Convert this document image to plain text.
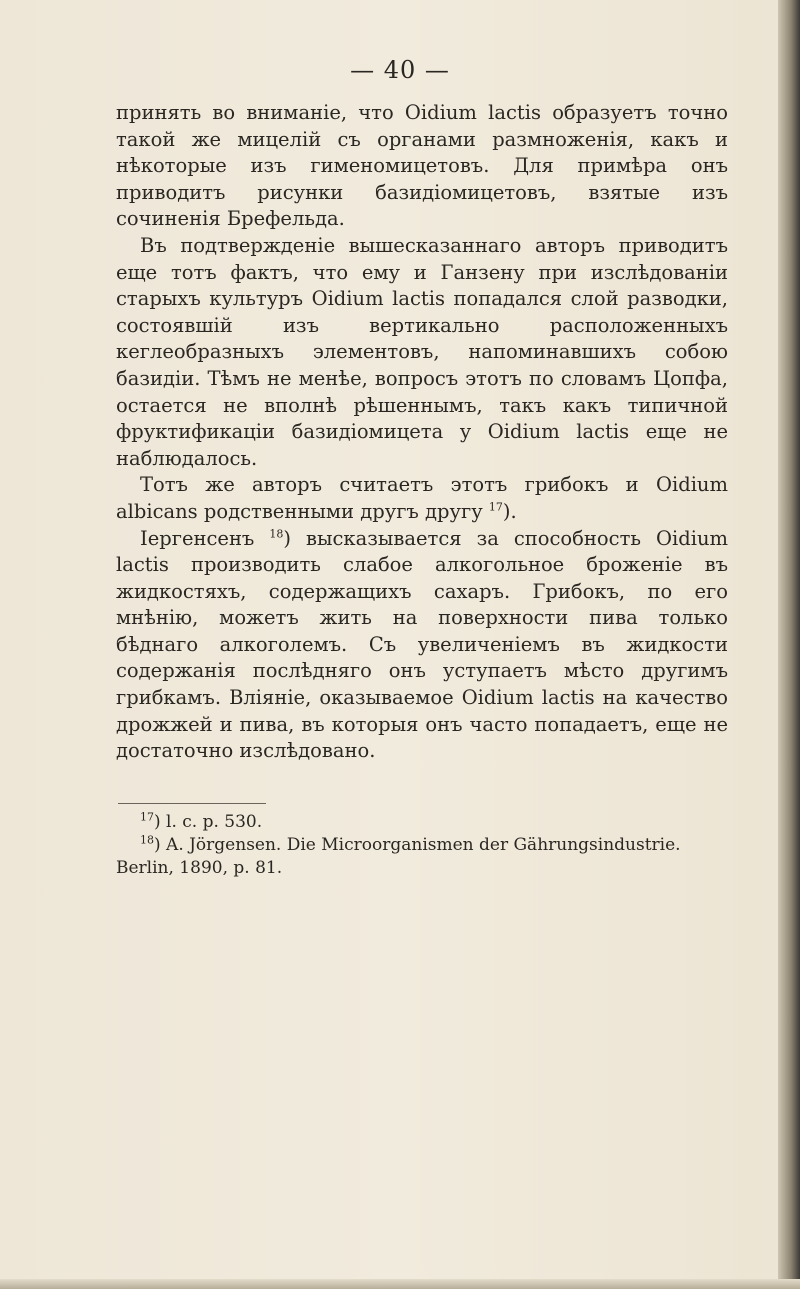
— 40 —

принять во вниманіе, что Oidium lactis образуетъ точно такой же мицелій съ органами размноженія, какъ и нѣкоторые изъ гименомицетовъ. Для примѣра онъ приводитъ рисунки базидіомицетовъ, взятые изъ сочиненія Брефельда.

Въ подтвержденіе вышесказаннаго авторъ приводитъ еще тотъ фактъ, что ему и Ганзену при изслѣдованіи старыхъ культуръ Oidium lactis попадался слой разводки, состоявшій изъ вертикально расположенныхъ кеглеобразныхъ элементовъ, напоминавшихъ собою базидіи. Тѣмъ не менѣе, вопросъ этотъ по словамъ Цопфа, остается не вполнѣ рѣшеннымъ, такъ какъ типичной фруктификаціи базидіомицета у Oidium lactis еще не наблюдалось.

Тотъ же авторъ считаетъ этотъ грибокъ и Oidium albicans родственными другъ другу $^{17}$).

Іергенсенъ $^{18}$) высказывается за способность Oidium lactis производить слабое алкогольное броженіе въ жидкостяхъ, содержащихъ сахаръ. Грибокъ, по его мнѣнію, можетъ жить на поверхности пива только бѣднаго алкоголемъ. Съ увеличеніемъ въ жидкости содержанія послѣдняго онъ уступаетъ мѣсто другимъ грибкамъ. Вліяніе, оказываемое Oidium lactis на качество дрожжей и пива, въ которыя онъ часто попадаетъ, еще не достаточно изслѣдовано.

$^{17}$) l. c. p. 530.

$^{18}$) A. Jörgensen. Die Microorganismen der Gährungsindustrie. Berlin, 1890, p. 81.
